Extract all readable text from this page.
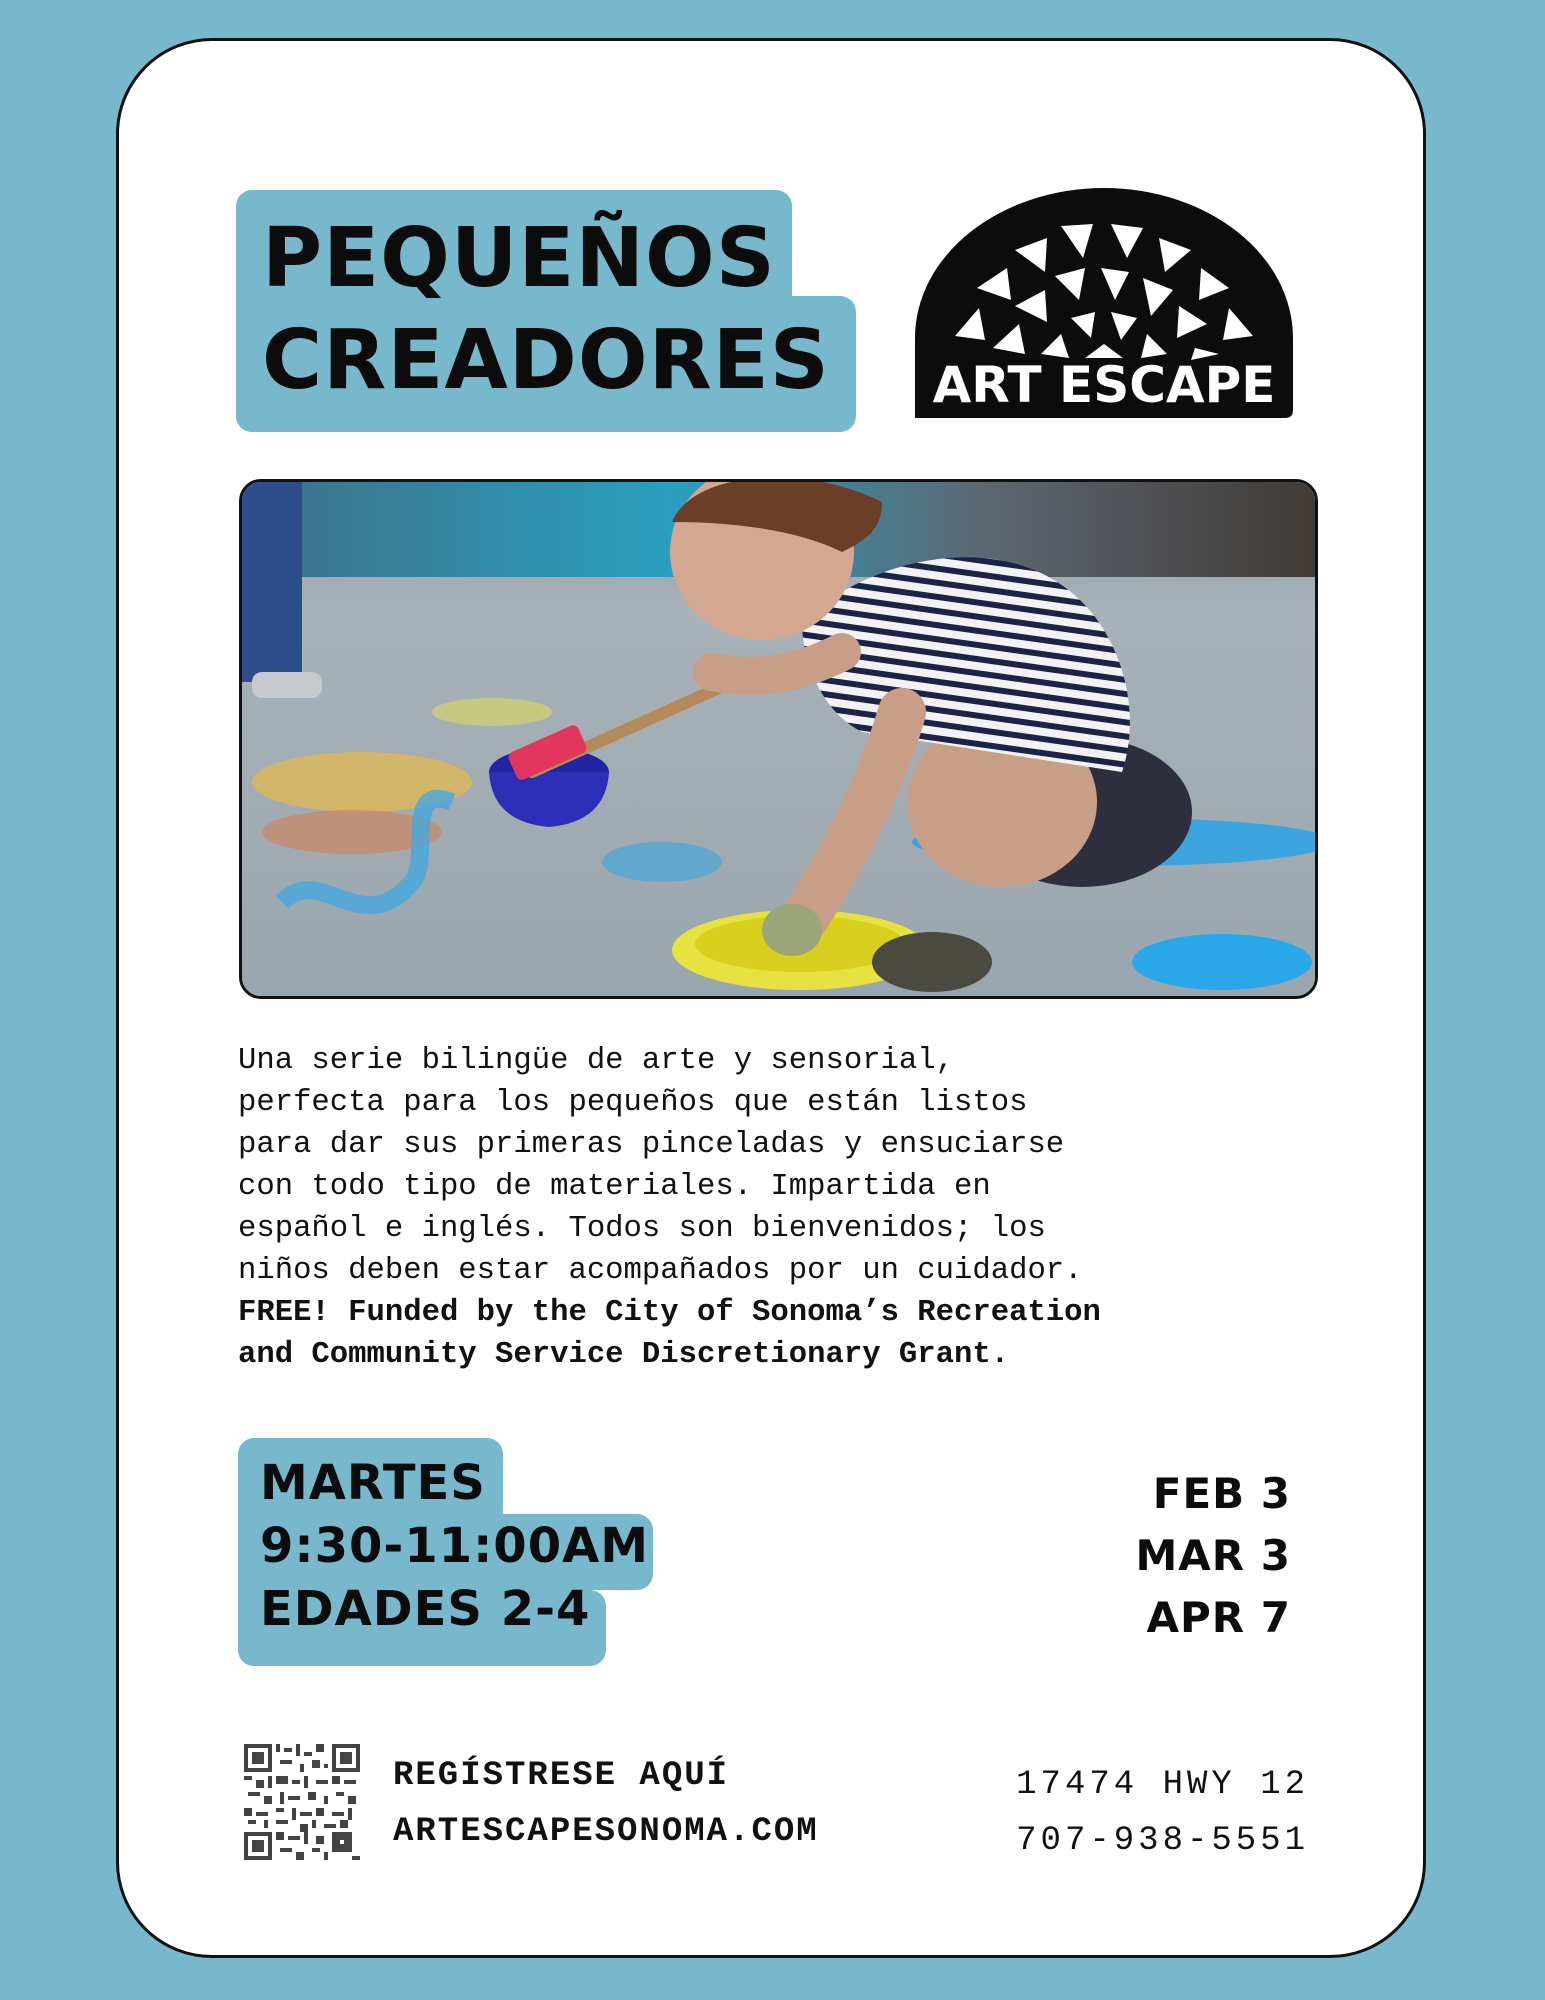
PEQUEÑOS
CREADORES ART ESCAPE
Una serie bilingüe de arte y sensorial,
perfecta para los pequeños que están listos
para dar sus primeras pinceladas y ensuciarse
con todo tipo de materiales. Impartida en
español e inglés. Todos son bienvenidos; los
niños deben estar acompañados por un cuidador.
FREE! Funded by the City of Sonoma’s Recreation
and Community Service Discretionary Grant.
MARTES
9:30-11:00AM
EDADES 2-4
FEB 3
MAR 3
APR 7
REGÍSTRESE AQUÍ
ARTESCAPESONOMA.COM
17474 HWY 12
707-938-5551
